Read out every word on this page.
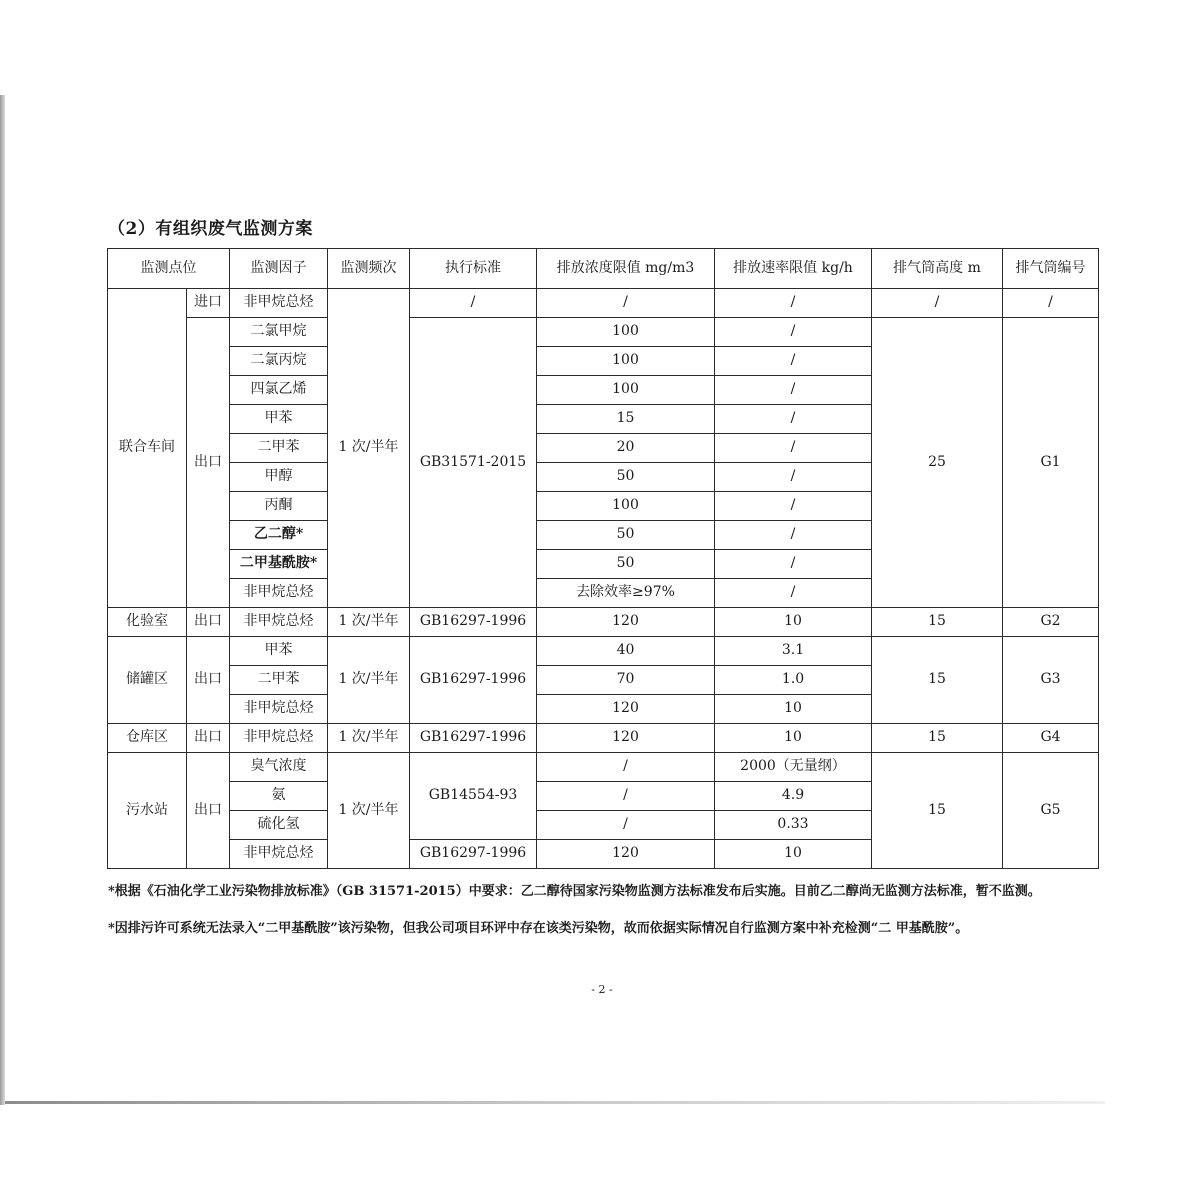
（2）有组织废气监测方案
监测点位		监测因子	监测频次	执行标准	排放浓度限值 mg/m3	排放速率限值 kg/h	排气筒高度 m	排气筒编号
联合车间	进口	非甲烷总烃	1 次/半年	/	/	/	/	/
	出口	二氯甲烷		GB31571-2015	100	/	25	G1
		二氯丙烷			100	/		
		四氯乙烯			100	/		
		甲苯			15	/		
		二甲苯			20	/		
		甲醇			50	/		
		丙酮			100	/		
		乙二醇*			50	/		
		二甲基酰胺*			50	/		
		非甲烷总烃			去除效率≥97%	/		
化验室	出口	非甲烷总烃	1 次/半年	GB16297-1996	120	10	15	G2
储罐区	出口	甲苯	1 次/半年	GB16297-1996	40	3.1	15	G3
		二甲苯			70	1.0		
		非甲烷总烃			120	10		
仓库区	出口	非甲烷总烃	1 次/半年	GB16297-1996	120	10	15	G4
污水站	出口	臭气浓度	1 次/半年	GB14554-93	/	2000（无量纲）	15	G5
		氨			/	4.9		
		硫化氢			/	0.33		
		非甲烷总烃		GB16297-1996	120	10		
*根据《石油化学工业污染物排放标准》（GB 31571-2015）中要求：乙二醇待国家污染物监测方法标准发布后实施。目前乙二醇尚无监测方法标准，暂不监测。
*因排污许可系统无法录入“二甲基酰胺”该污染物，但我公司项目环评中存在该类污染物，故而依据实际情况自行监测方案中补充检测“二 甲基酰胺”。
- 2 -
